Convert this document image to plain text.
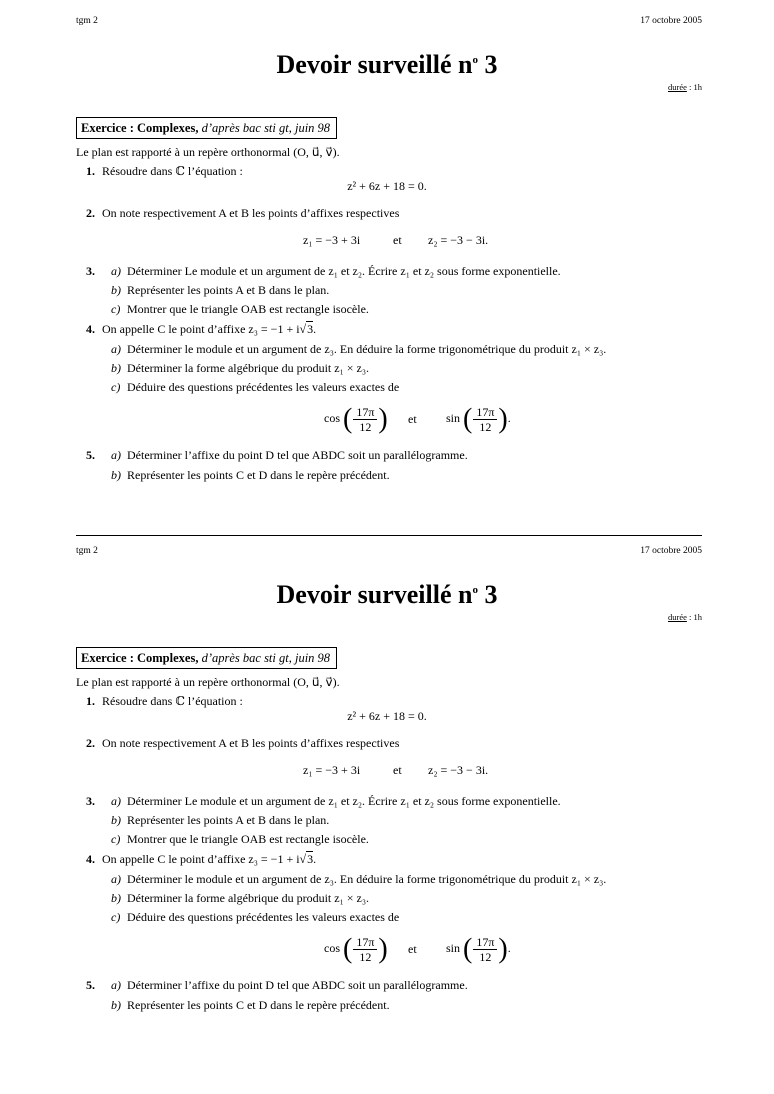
tgm 2	17 octobre 2005
Devoir surveillé $n^o$ 3
durée : 1h
Exercice : Complexes, d’après bac sti gt, juin 98
Le plan est rapporté à un repère orthonormal (O, u⃗, v⃗).
1. Résoudre dans ℂ l’équation :
z² + 6z + 18 = 0.
2. On note respectivement A et B les points d’affixes respectives
z₁ = −3 + 3i	et z₂ = −3 − 3i.
3. a) Déterminer Le module et un argument de z₁ et z₂. Écrire z₁ et z₂ sous forme exponentielle.
b) Représenter les points A et B dans le plan.
c) Montrer que le triangle OAB est rectangle isocèle.
4. On appelle C le point d’affixe z₃ = −1 + i√3.
a) Déterminer le module et un argument de z₃. En déduire la forme trigonométrique du produit z₁ × z₃.
b) Déterminer la forme algébrique du produit z₁ × z₃.
c) Déduire des questions précédentes les valeurs exactes de
cos ( $\frac{17\pi}{12}$ ) et sin ( $\frac{17\pi}{12}$ ).
5. a) Déterminer l’affixe du point D tel que ABDC soit un parallélogramme.
b) Représenter les points C et D dans le repère précédent.
tgm 2	17 octobre 2005
Devoir surveillé $n^o$ 3
durée : 1h
Exercice : Complexes, d’après bac sti gt, juin 98
Le plan est rapporté à un repère orthonormal (O, u⃗, v⃗).
1. Résoudre dans ℂ l’équation :
z² + 6z + 18 = 0.
2. On note respectivement A et B les points d’affixes respectives
z₁ = −3 + 3i	et z₂ = −3 − 3i.
3. a) Déterminer Le module et un argument de z₁ et z₂. Écrire z₁ et z₂ sous forme exponentielle.
b) Représenter les points A et B dans le plan.
c) Montrer que le triangle OAB est rectangle isocèle.
4. On appelle C le point d’affixe z₃ = −1 + i√3.
a) Déterminer le module et un argument de z₃. En déduire la forme trigonométrique du produit z₁ × z₃.
b) Déterminer la forme algébrique du produit z₁ × z₃.
c) Déduire des questions précédentes les valeurs exactes de
cos ( $\frac{17\pi}{12}$ ) et sin ( $\frac{17\pi}{12}$ ).
5. a) Déterminer l’affixe du point D tel que ABDC soit un parallélogramme.
b) Représenter les points C et D dans le repère précédent.
